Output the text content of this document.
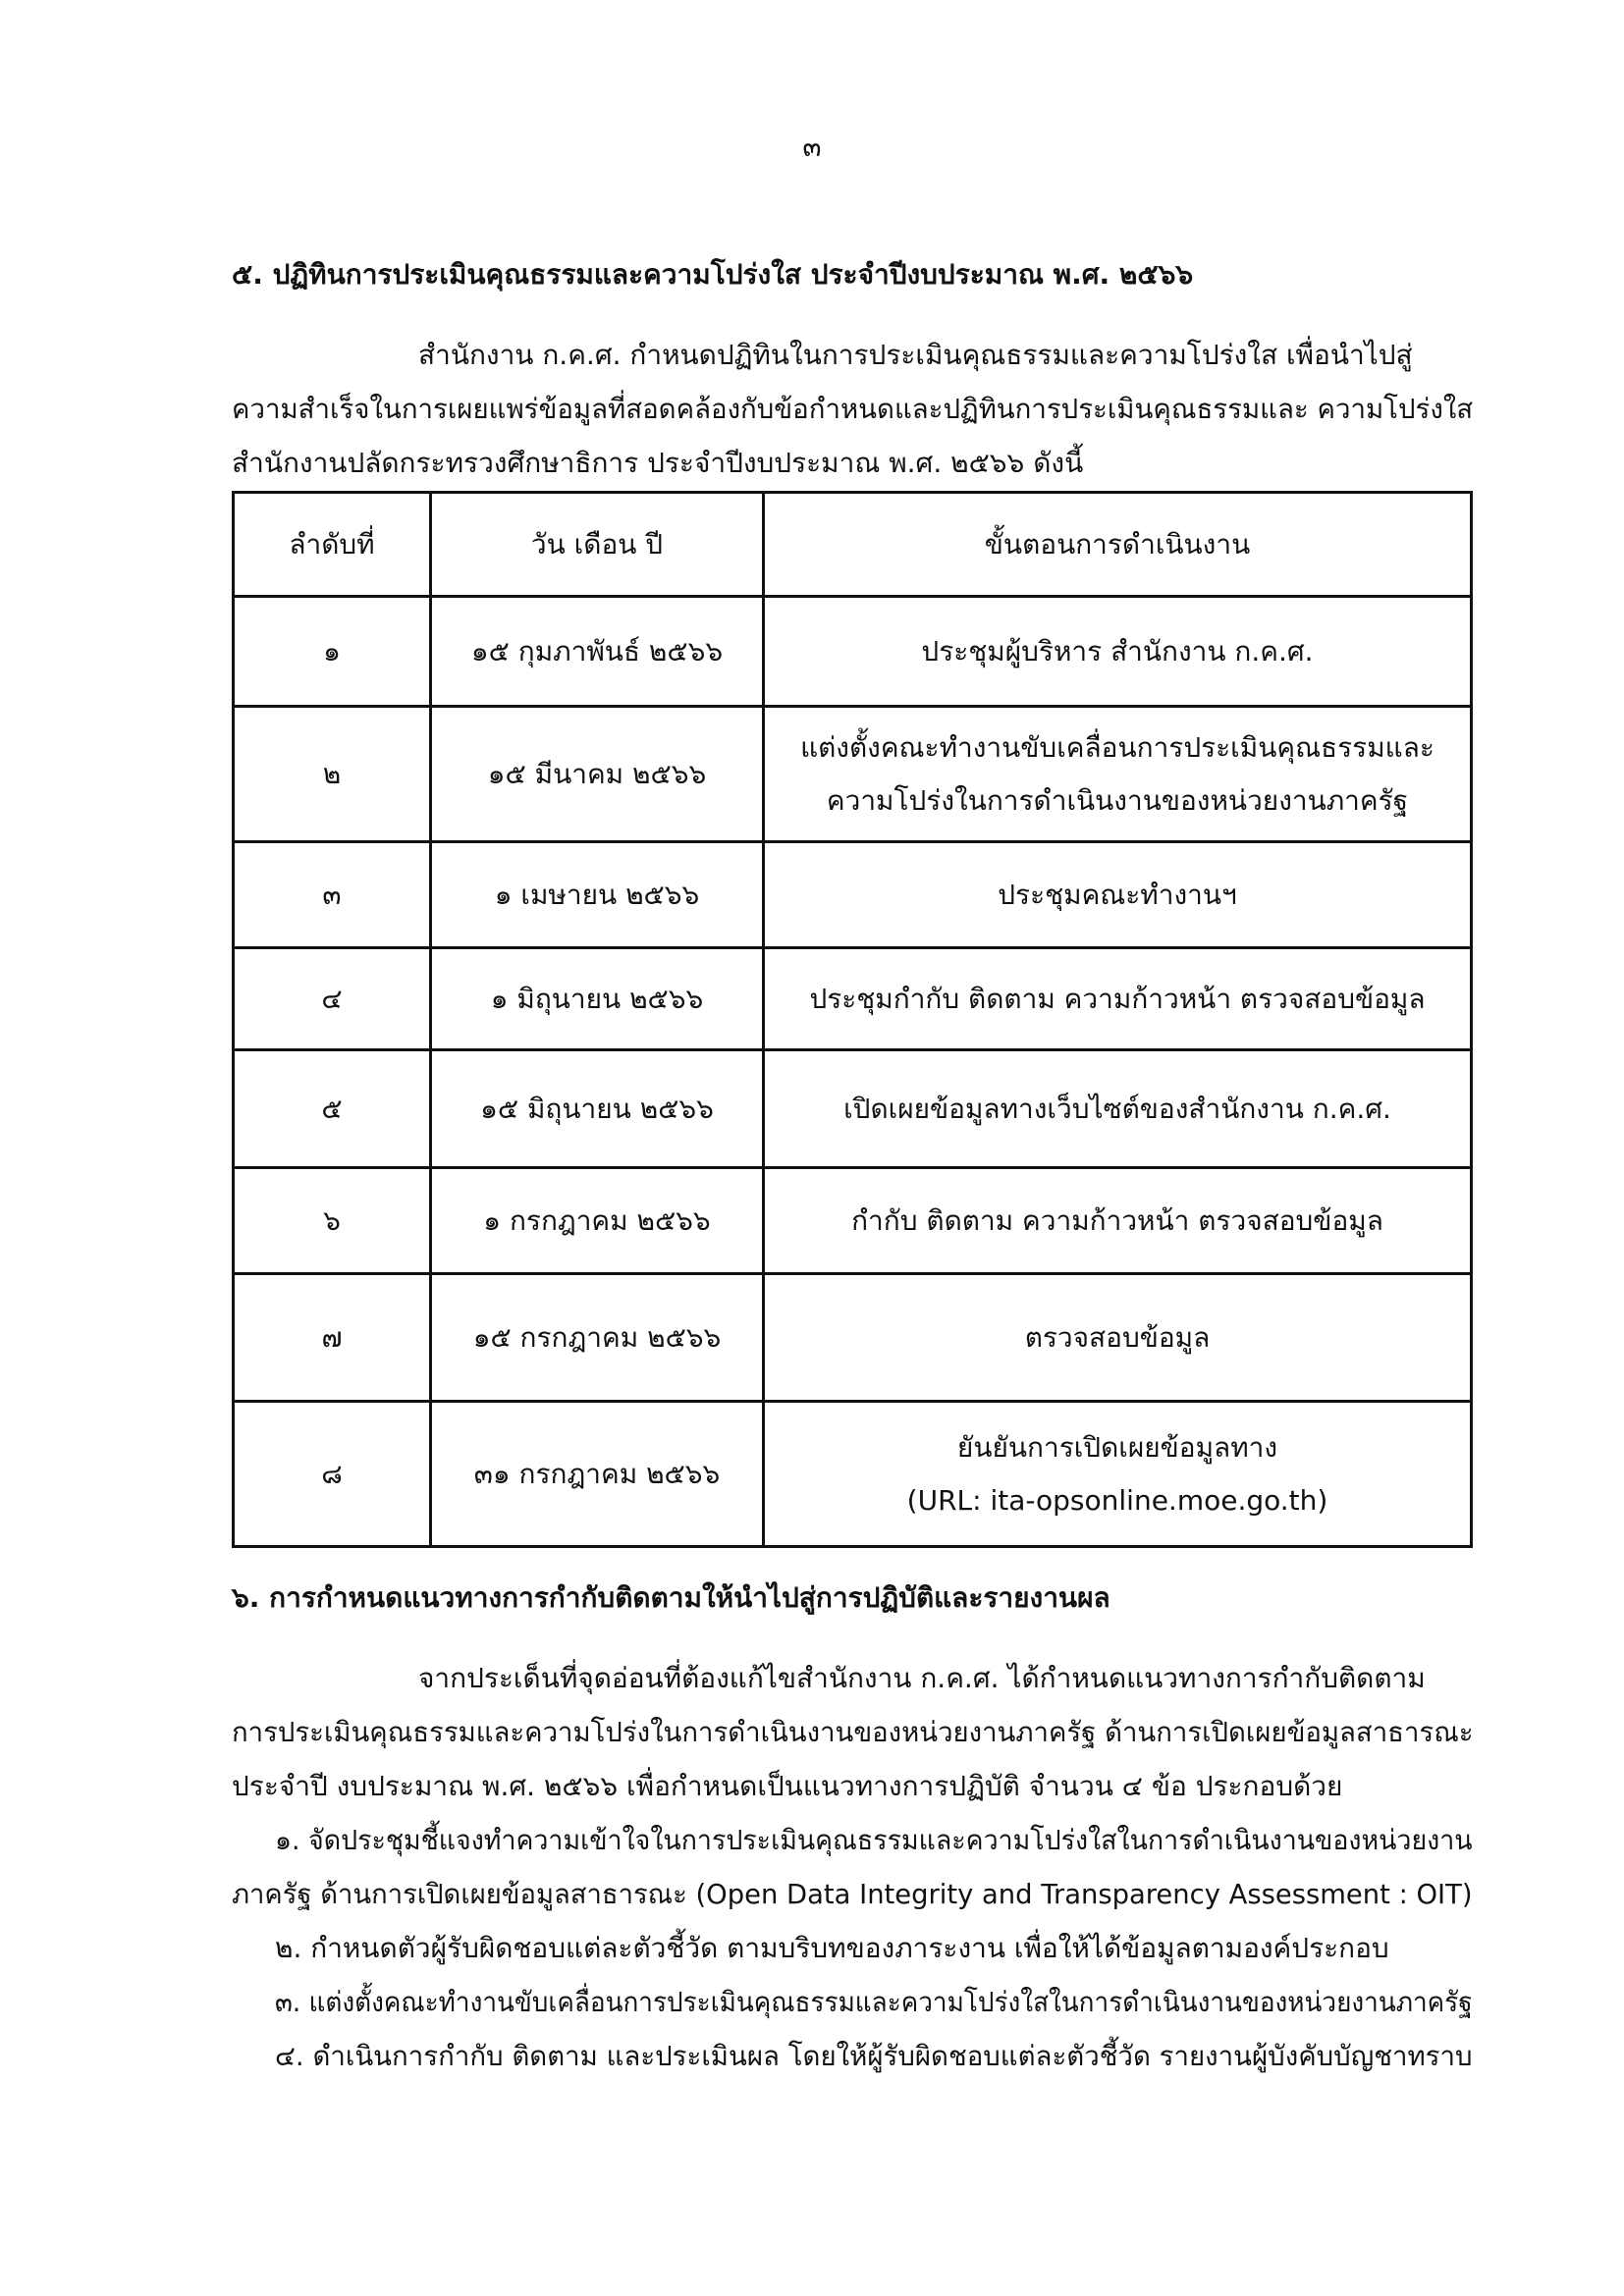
๓
๕. ปฏิทินการประเมินคุณธรรมและความโปร่งใส ประจำปีงบประมาณ พ.ศ. ๒๕๖๖
สำนักงาน ก.ค.ศ. กำหนดปฏิทินในการประเมินคุณธรรมและความโปร่งใส เพื่อนำไปสู่
ความสำเร็จในการเผยแพร่ข้อมูลที่สอดคล้องกับข้อกำหนดและปฏิทินการประเมินคุณธรรมและ ความโปร่งใส
สำนักงานปลัดกระทรวงศึกษาธิการ ประจำปีงบประมาณ พ.ศ. ๒๕๖๖ ดังนี้
ลำดับที่	วัน เดือน ปี	ขั้นตอนการดำเนินงาน
๑	๑๕ กุมภาพันธ์ ๒๕๖๖	ประชุมผู้บริหาร สำนักงาน ก.ค.ศ.

๒	๑๕ มีนาคม ๒๕๖๖	แต่งตั้งคณะทำงานขับเคลื่อนการประเมินคุณธรรมและ
ความโปร่งในการดำเนินงานของหน่วยงานภาครัฐ

๓	๑ เมษายน ๒๕๖๖	ประชุมคณะทำงานฯ

๔	๑ มิถุนายน ๒๕๖๖	ประชุมกำกับ ติดตาม ความก้าวหน้า ตรวจสอบข้อมูล

๕	๑๕ มิถุนายน ๒๕๖๖	เปิดเผยข้อมูลทางเว็บไซต์ของสำนักงาน ก.ค.ศ.

๖	๑ กรกฎาคม ๒๕๖๖	กำกับ ติดตาม ความก้าวหน้า ตรวจสอบข้อมูล

๗	๑๕ กรกฎาคม ๒๕๖๖	ตรวจสอบข้อมูล

๘	๓๑ กรกฎาคม ๒๕๖๖	ยันยันการเปิดเผยข้อมูลทาง
(URL: ita-opsonline.moe.go.th)
๖. การกำหนดแนวทางการกำกับติดตามให้นำไปสู่การปฏิบัติและรายงานผล
จากประเด็นที่จุดอ่อนที่ต้องแก้ไขสำนักงาน ก.ค.ศ. ได้กำหนดแนวทางการกำกับติดตาม
การประเมินคุณธรรมและความโปร่งในการดำเนินงานของหน่วยงานภาครัฐ ด้านการเปิดเผยข้อมูลสาธารณะ
ประจำปี งบประมาณ พ.ศ. ๒๕๖๖ เพื่อกำหนดเป็นแนวทางการปฏิบัติ จำนวน ๔ ข้อ ประกอบด้วย
๑. จัดประชุมชี้แจงทำความเข้าใจในการประเมินคุณธรรมและความโปร่งใสในการดำเนินงานของหน่วยงาน
ภาครัฐ ด้านการเปิดเผยข้อมูลสาธารณะ (Open Data Integrity and Transparency Assessment : OIT)
๒. กำหนดตัวผู้รับผิดชอบแต่ละตัวชี้วัด ตามบริบทของภาระงาน เพื่อให้ได้ข้อมูลตามองค์ประกอบ
๓. แต่งตั้งคณะทำงานขับเคลื่อนการประเมินคุณธรรมและความโปร่งใสในการดำเนินงานของหน่วยงานภาครัฐ
๔. ดำเนินการกำกับ ติดตาม และประเมินผล โดยให้ผู้รับผิดชอบแต่ละตัวชี้วัด รายงานผู้บังคับบัญชาทราบ
